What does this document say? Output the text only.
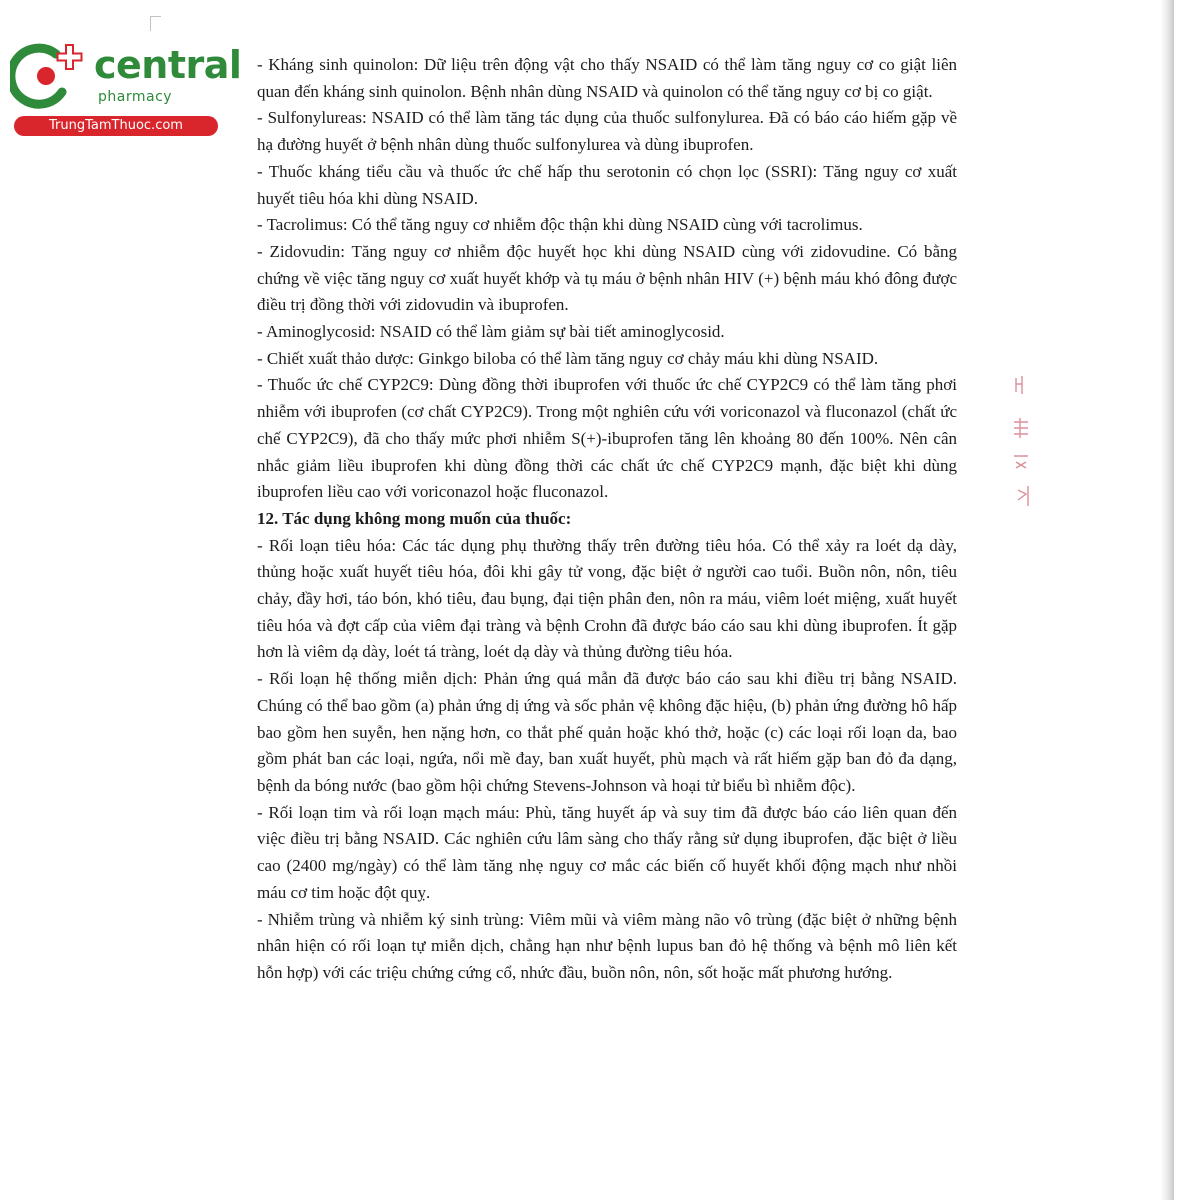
central
pharmacy
TrungTamThuoc.com

- Kháng sinh quinolon: Dữ liệu trên động vật cho thấy NSAID có thể làm tăng nguy cơ co giật liên quan đến kháng sinh quinolon. Bệnh nhân dùng NSAID và quinolon có thể tăng nguy cơ bị co giật.

- Sulfonylureas: NSAID có thể làm tăng tác dụng của thuốc sulfonylurea. Đã có báo cáo hiếm gặp về hạ đường huyết ở bệnh nhân dùng thuốc sulfonylurea và dùng ibuprofen.

- Thuốc kháng tiểu cầu và thuốc ức chế hấp thu serotonin có chọn lọc (SSRI): Tăng nguy cơ xuất huyết tiêu hóa khi dùng NSAID.

- Tacrolimus: Có thể tăng nguy cơ nhiễm độc thận khi dùng NSAID cùng với tacrolimus.

- Zidovudin: Tăng nguy cơ nhiễm độc huyết học khi dùng NSAID cùng với zidovudine. Có bằng chứng về việc tăng nguy cơ xuất huyết khớp và tụ máu ở bệnh nhân HIV (+) bệnh máu khó đông được điều trị đồng thời với zidovudin và ibuprofen.

- Aminoglycosid: NSAID có thể làm giảm sự bài tiết aminoglycosid.

- Chiết xuất thảo dược: Ginkgo biloba có thể làm tăng nguy cơ chảy máu khi dùng NSAID.

- Thuốc ức chế CYP2C9: Dùng đồng thời ibuprofen với thuốc ức chế CYP2C9 có thể làm tăng phơi nhiễm với ibuprofen (cơ chất CYP2C9). Trong một nghiên cứu với voriconazol và fluconazol (chất ức chế CYP2C9), đã cho thấy mức phơi nhiễm S(+)-ibuprofen tăng lên khoảng 80 đến 100%. Nên cân nhắc giảm liều ibuprofen khi dùng đồng thời các chất ức chế CYP2C9 mạnh, đặc biệt khi dùng ibuprofen liều cao với voriconazol hoặc fluconazol.

12. Tác dụng không mong muốn của thuốc:

- Rối loạn tiêu hóa: Các tác dụng phụ thường thấy trên đường tiêu hóa. Có thể xảy ra loét dạ dày, thủng hoặc xuất huyết tiêu hóa, đôi khi gây tử vong, đặc biệt ở người cao tuổi. Buồn nôn, nôn, tiêu chảy, đầy hơi, táo bón, khó tiêu, đau bụng, đại tiện phân đen, nôn ra máu, viêm loét miệng, xuất huyết tiêu hóa và đợt cấp của viêm đại tràng và bệnh Crohn đã được báo cáo sau khi dùng ibuprofen. Ít gặp hơn là viêm dạ dày, loét tá tràng, loét dạ dày và thủng đường tiêu hóa.

- Rối loạn hệ thống miễn dịch: Phản ứng quá mẫn đã được báo cáo sau khi điều trị bằng NSAID. Chúng có thể bao gồm (a) phản ứng dị ứng và sốc phản vệ không đặc hiệu, (b) phản ứng đường hô hấp bao gồm hen suyễn, hen nặng hơn, co thắt phế quản hoặc khó thở, hoặc (c) các loại rối loạn da, bao gồm phát ban các loại, ngứa, nổi mề đay, ban xuất huyết, phù mạch và rất hiếm gặp ban đỏ đa dạng, bệnh da bóng nước (bao gồm hội chứng Stevens-Johnson và hoại tử biểu bì nhiễm độc).

- Rối loạn tim và rối loạn mạch máu: Phù, tăng huyết áp và suy tim đã được báo cáo liên quan đến việc điều trị bằng NSAID. Các nghiên cứu lâm sàng cho thấy rằng sử dụng ibuprofen, đặc biệt ở liều cao (2400 mg/ngày) có thể làm tăng nhẹ nguy cơ mắc các biến cố huyết khối động mạch như nhồi máu cơ tim hoặc đột quỵ.

- Nhiễm trùng và nhiễm ký sinh trùng: Viêm mũi và viêm màng não vô trùng (đặc biệt ở những bệnh nhân hiện có rối loạn tự miễn dịch, chẳng hạn như bệnh lupus ban đỏ hệ thống và bệnh mô liên kết hỗn hợp) với các triệu chứng cứng cổ, nhức đầu, buồn nôn, nôn, sốt hoặc mất phương hướng.
